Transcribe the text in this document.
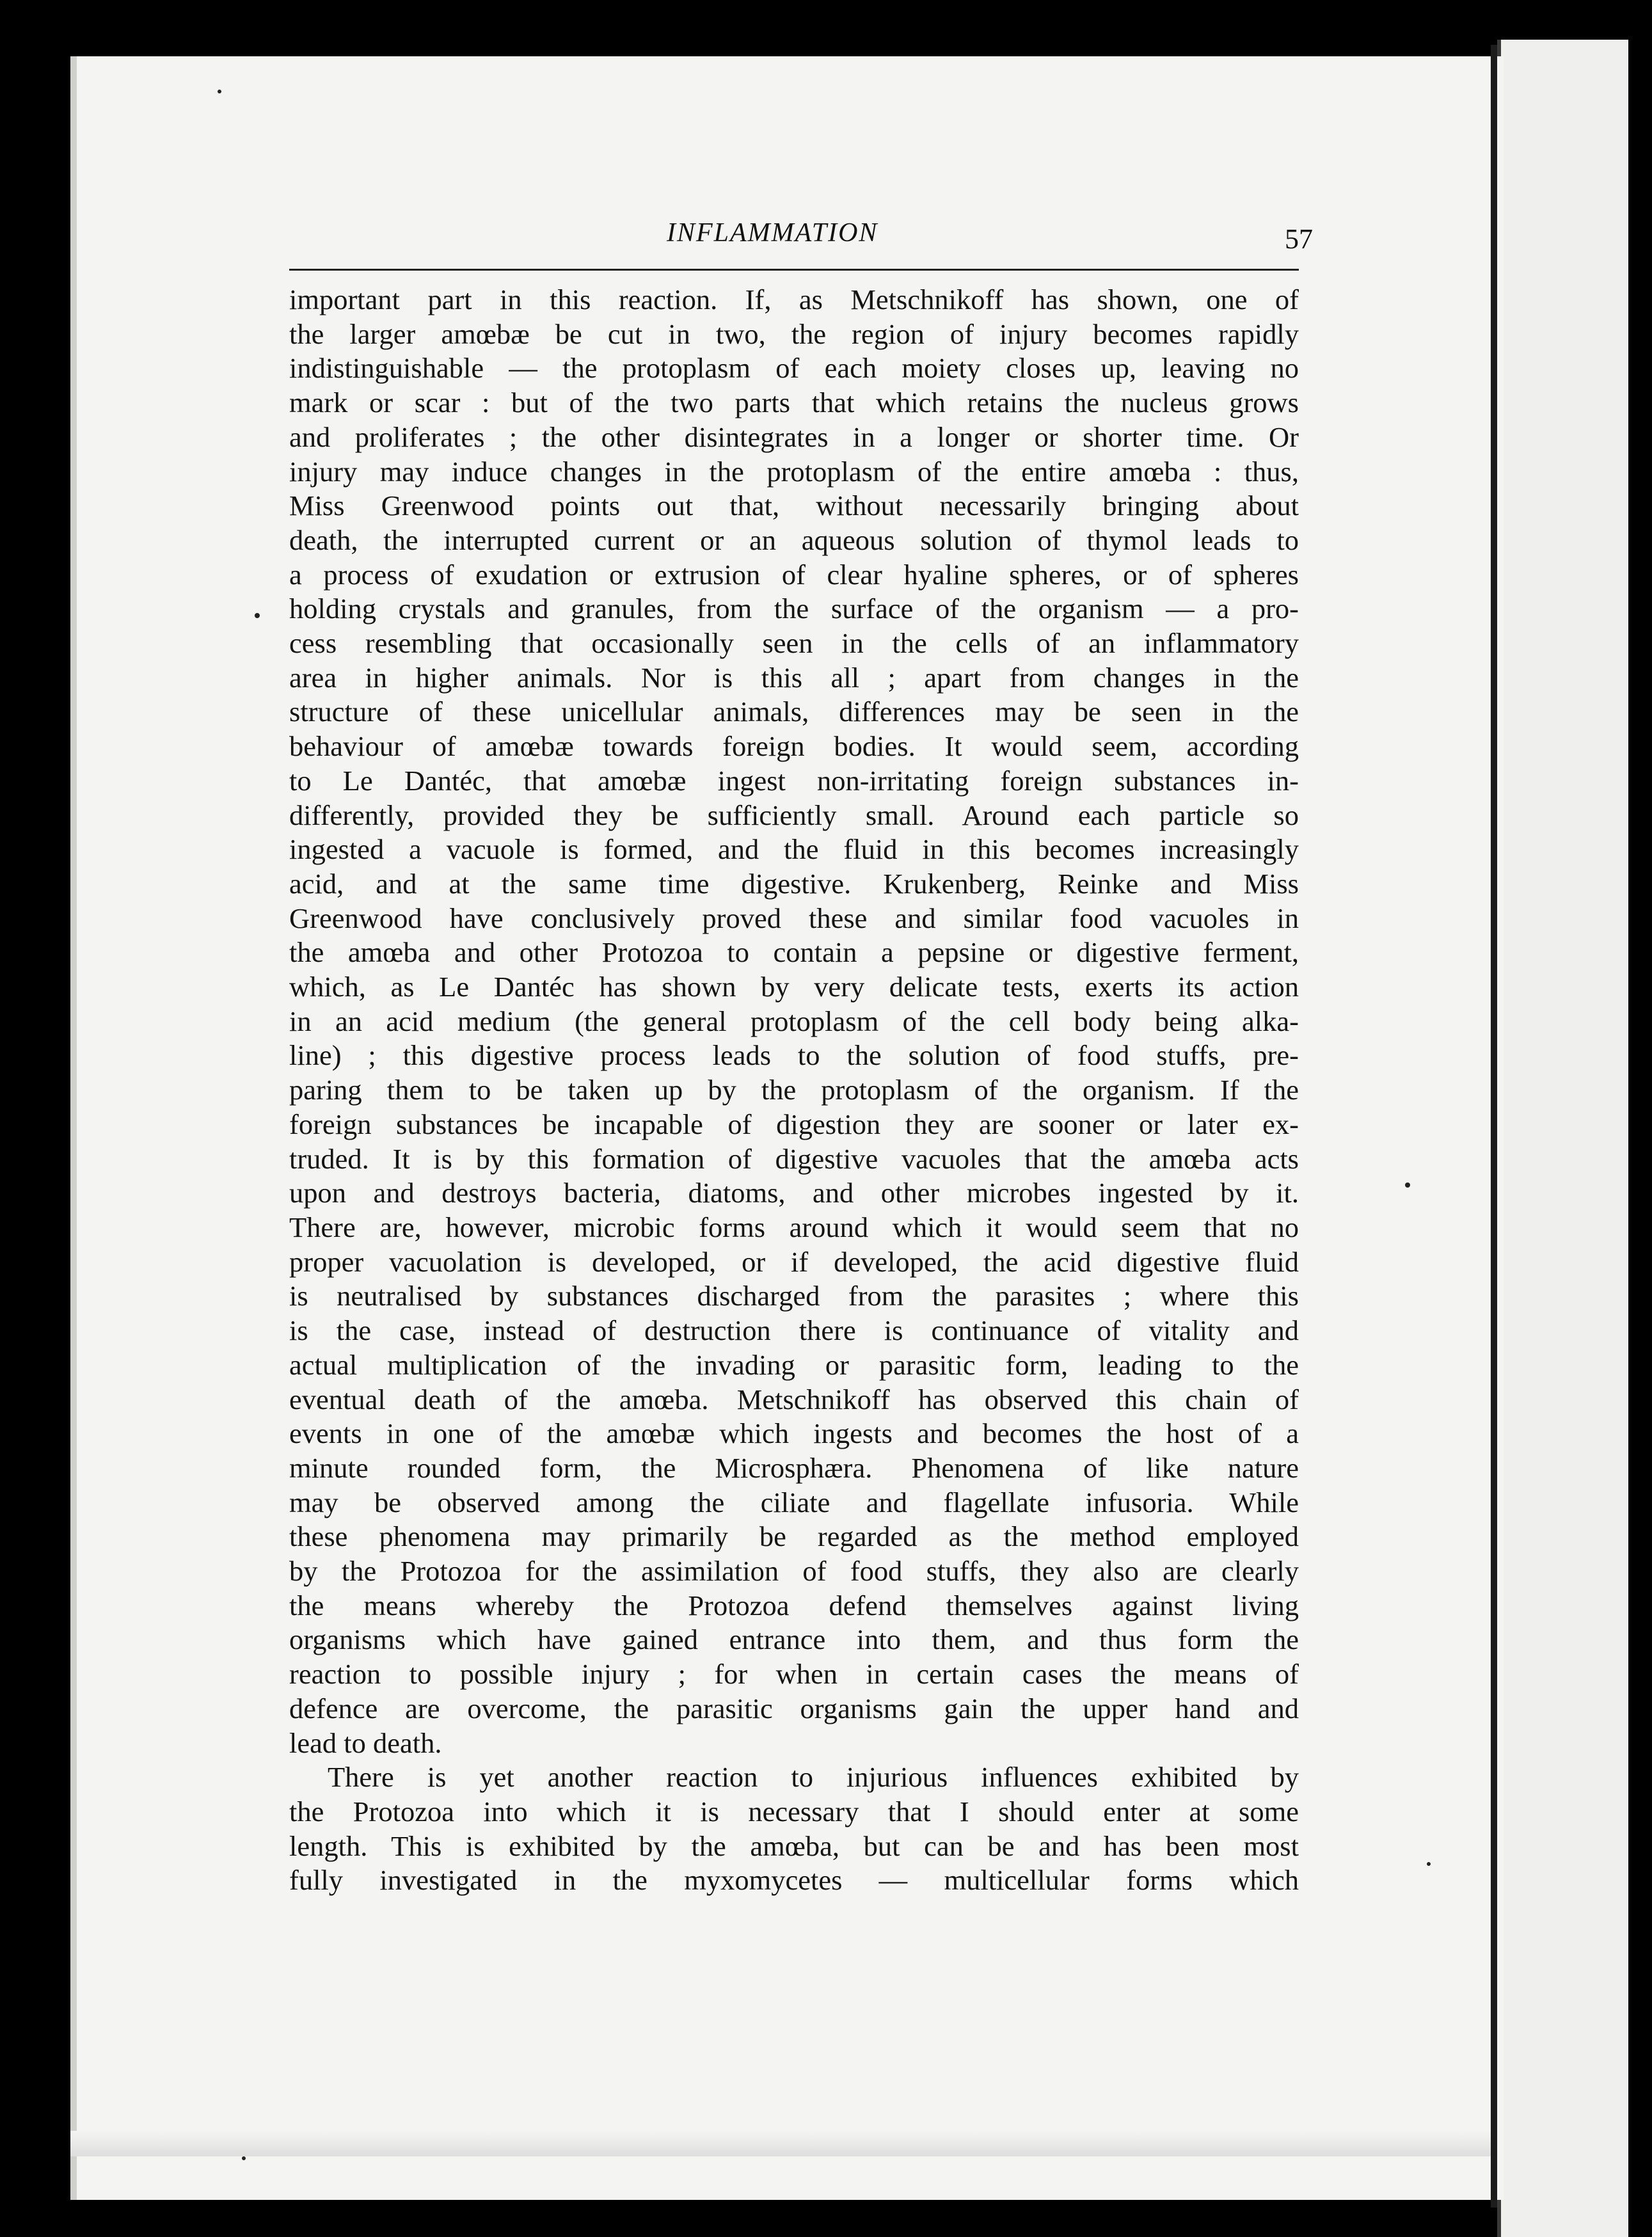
INFLAMMATION	57
important part in this reaction. If, as Metschnikoff has shown, one of
the larger amœbæ be cut in two, the region of injury becomes rapidly
indistinguishable — the protoplasm of each moiety closes up, leaving no
mark or scar : but of the two parts that which retains the nucleus grows
and proliferates ; the other disintegrates in a longer or shorter time. Or
injury may induce changes in the protoplasm of the entire amœba : thus,
Miss Greenwood points out that, without necessarily bringing about
death, the interrupted current or an aqueous solution of thymol leads to
a process of exudation or extrusion of clear hyaline spheres, or of spheres
holding crystals and granules, from the surface of the organism — a pro-
cess resembling that occasionally seen in the cells of an inflammatory
area in higher animals. Nor is this all ; apart from changes in the
structure of these unicellular animals, differences may be seen in the
behaviour of amœbæ towards foreign bodies. It would seem, according
to Le Dantéc, that amœbæ ingest non-irritating foreign substances in-
differently, provided they be sufficiently small. Around each particle so
ingested a vacuole is formed, and the fluid in this becomes increasingly
acid, and at the same time digestive. Krukenberg, Reinke and Miss
Greenwood have conclusively proved these and similar food vacuoles in
the amœba and other Protozoa to contain a pepsine or digestive ferment,
which, as Le Dantéc has shown by very delicate tests, exerts its action
in an acid medium (the general protoplasm of the cell body being alka-
line) ; this digestive process leads to the solution of food stuffs, pre-
paring them to be taken up by the protoplasm of the organism. If the
foreign substances be incapable of digestion they are sooner or later ex-
truded. It is by this formation of digestive vacuoles that the amœba acts
upon and destroys bacteria, diatoms, and other microbes ingested by it.
There are, however, microbic forms around which it would seem that no
proper vacuolation is developed, or if developed, the acid digestive fluid
is neutralised by substances discharged from the parasites ; where this
is the case, instead of destruction there is continuance of vitality and
actual multiplication of the invading or parasitic form, leading to the
eventual death of the amœba. Metschnikoff has observed this chain of
events in one of the amœbæ which ingests and becomes the host of a
minute rounded form, the Microsphæra. Phenomena of like nature
may be observed among the ciliate and flagellate infusoria. While
these phenomena may primarily be regarded as the method employed
by the Protozoa for the assimilation of food stuffs, they also are clearly
the means whereby the Protozoa defend themselves against living
organisms which have gained entrance into them, and thus form the
reaction to possible injury ; for when in certain cases the means of
defence are overcome, the parasitic organisms gain the upper hand and
lead to death.
There is yet another reaction to injurious influences exhibited by
the Protozoa into which it is necessary that I should enter at some
length. This is exhibited by the amœba, but can be and has been most
fully investigated in the myxomycetes — multicellular forms which
